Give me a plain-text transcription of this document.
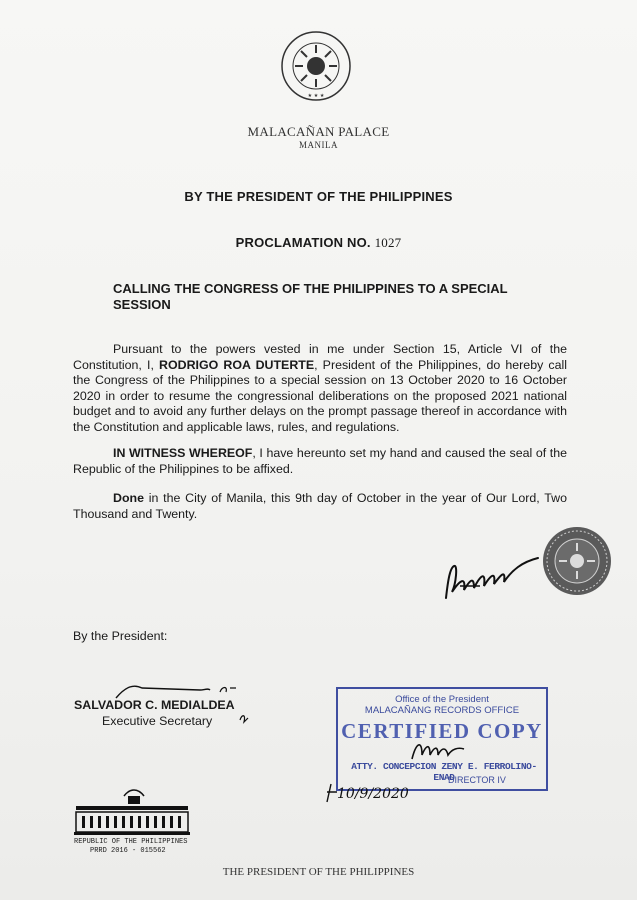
★ ★ ★
MALACAÑAN PALACE
MANILA
BY THE PRESIDENT OF THE PHILIPPINES
PROCLAMATION NO. 1027
CALLING THE CONGRESS OF THE PHILIPPINES TO A SPECIAL SESSION
Pursuant to the powers vested in me under Section 15, Article VI of the Constitution, I, RODRIGO ROA DUTERTE, President of the Philippines, do hereby call the Congress of the Philippines to a special session on 13 October 2020 to 16 October 2020 in order to resume the congressional deliberations on the proposed 2021 national budget and to avoid any further delays on the prompt passage thereof in accordance with the Constitution and applicable laws, rules, and regulations.
IN WITNESS WHEREOF, I have hereunto set my hand and caused the seal of the Republic of the Philippines to be affixed.
Done in the City of Manila, this 9th day of October in the year of Our Lord, Two Thousand and Twenty.
By the President:
SALVADOR C. MEDIALDEA
Executive Secretary
Office of the President
MALACAÑANG RECORDS OFFICE
CERTIFIED COPY
ATTY. CONCEPCION ZENY E. FERROLINO-ENAD
DIRECTOR IV
10/9/2020
REPUBLIC OF THE PHILIPPINES
PRRD 2016 - 015562
THE PRESIDENT OF THE PHILIPPINES
